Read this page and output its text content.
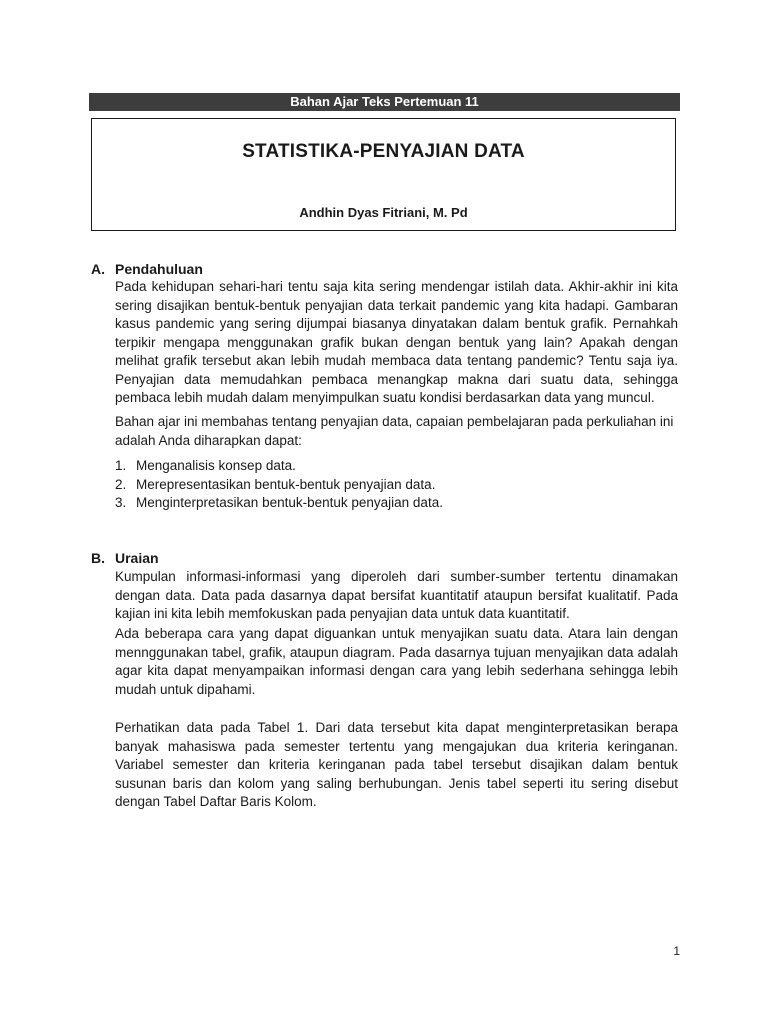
Bahan Ajar Teks Pertemuan 11
STATISTIKA-PENYAJIAN DATA
Andhin Dyas Fitriani, M. Pd
A. Pendahuluan

Pada kehidupan sehari-hari tentu saja kita sering mendengar istilah data. Akhir-akhir ini kita sering disajikan bentuk-bentuk penyajian data terkait pandemic yang kita hadapi. Gambaran kasus pandemic yang sering dijumpai biasanya dinyatakan dalam bentuk grafik. Pernahkah terpikir mengapa menggunakan grafik bukan dengan bentuk yang lain? Apakah dengan melihat grafik tersebut akan lebih mudah membaca data tentang pandemic? Tentu saja iya. Penyajian data memudahkan pembaca menangkap makna dari suatu data, sehingga pembaca lebih mudah dalam menyimpulkan suatu kondisi berdasarkan data yang muncul.

Bahan ajar ini membahas tentang penyajian data, capaian pembelajaran pada perkuliahan ini adalah Anda diharapkan dapat:

1. Menganalisis konsep data.
2. Merepresentasikan bentuk-bentuk penyajian data.
3. Menginterpretasikan bentuk-bentuk penyajian data.
B. Uraian

Kumpulan informasi-informasi yang diperoleh dari sumber-sumber tertentu dinamakan dengan data. Data pada dasarnya dapat bersifat kuantitatif ataupun bersifat kualitatif. Pada kajian ini kita lebih memfokuskan pada penyajian data untuk data kuantitatif.

Ada beberapa cara yang dapat diguankan untuk menyajikan suatu data. Atara lain dengan mennggunakan tabel, grafik, ataupun diagram. Pada dasarnya tujuan menyajikan data adalah agar kita dapat menyampaikan informasi dengan cara yang lebih sederhana sehingga lebih mudah untuk dipahami.

Perhatikan data pada Tabel 1. Dari data tersebut kita dapat menginterpretasikan berapa banyak mahasiswa pada semester tertentu yang mengajukan dua kriteria keringanan. Variabel semester dan kriteria keringanan pada tabel tersebut disajikan dalam bentuk susunan baris dan kolom yang saling berhubungan. Jenis tabel seperti itu sering disebut dengan Tabel Daftar Baris Kolom.

1
